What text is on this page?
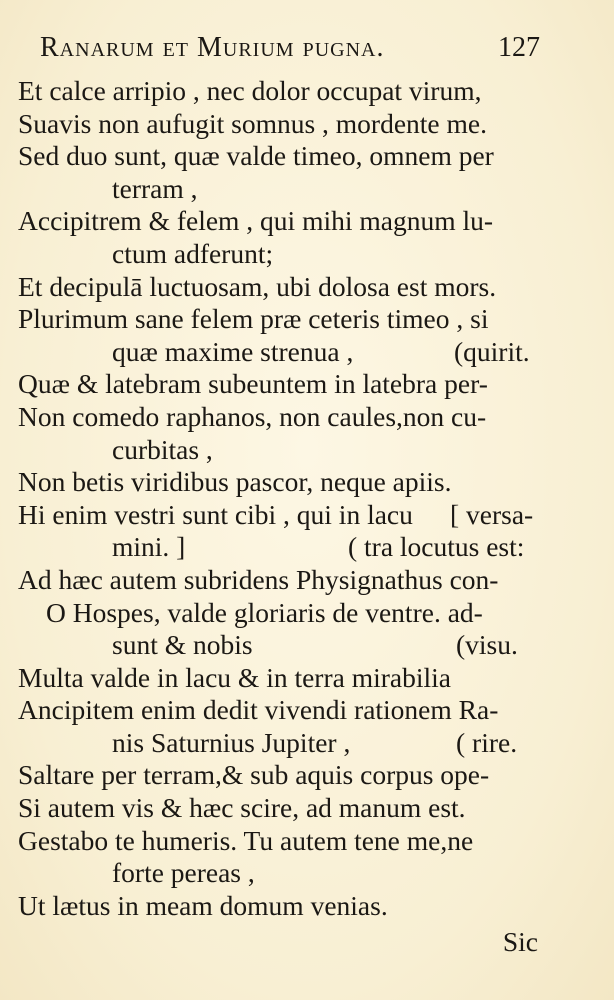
Ranarum et Murium pugna.	127
Et calce arripio , nec dolor occupat virum,
Suavis non aufugit somnus , mordente me.
Sed duo sunt, quæ valde timeo, omnem per
terram ,
Accipitrem & felem , qui mihi magnum lu-
ctum adferunt;
Et decipulā luctuosam, ubi dolosa est mors.
Plurimum sane felem præ ceteris timeo , si
quæ maxime strenua ,	(quirit.
Quæ & latebram subeuntem in latebra per-
Non comedo raphanos, non caules,non cu-
curbitas ,
Non betis viridibus pascor, neque apiis.
Hi enim vestri sunt cibi , qui in lacu [ versa-
mini. ]	( tra locutus est:
Ad hæc autem subridens Physignathus con-
O Hospes, valde gloriaris de ventre. ad-
sunt & nobis	(visu.
Multa valde in lacu & in terra mirabilia
Ancipitem enim dedit vivendi rationem Ra-
nis Saturnius Jupiter ,	( rire.
Saltare per terram,& sub aquis corpus ope-
Si autem vis & hæc scire, ad manum est.
Gestabo te humeris. Tu autem tene me,ne
forte pereas ,
Ut lætus in meam domum venias.
Sic
